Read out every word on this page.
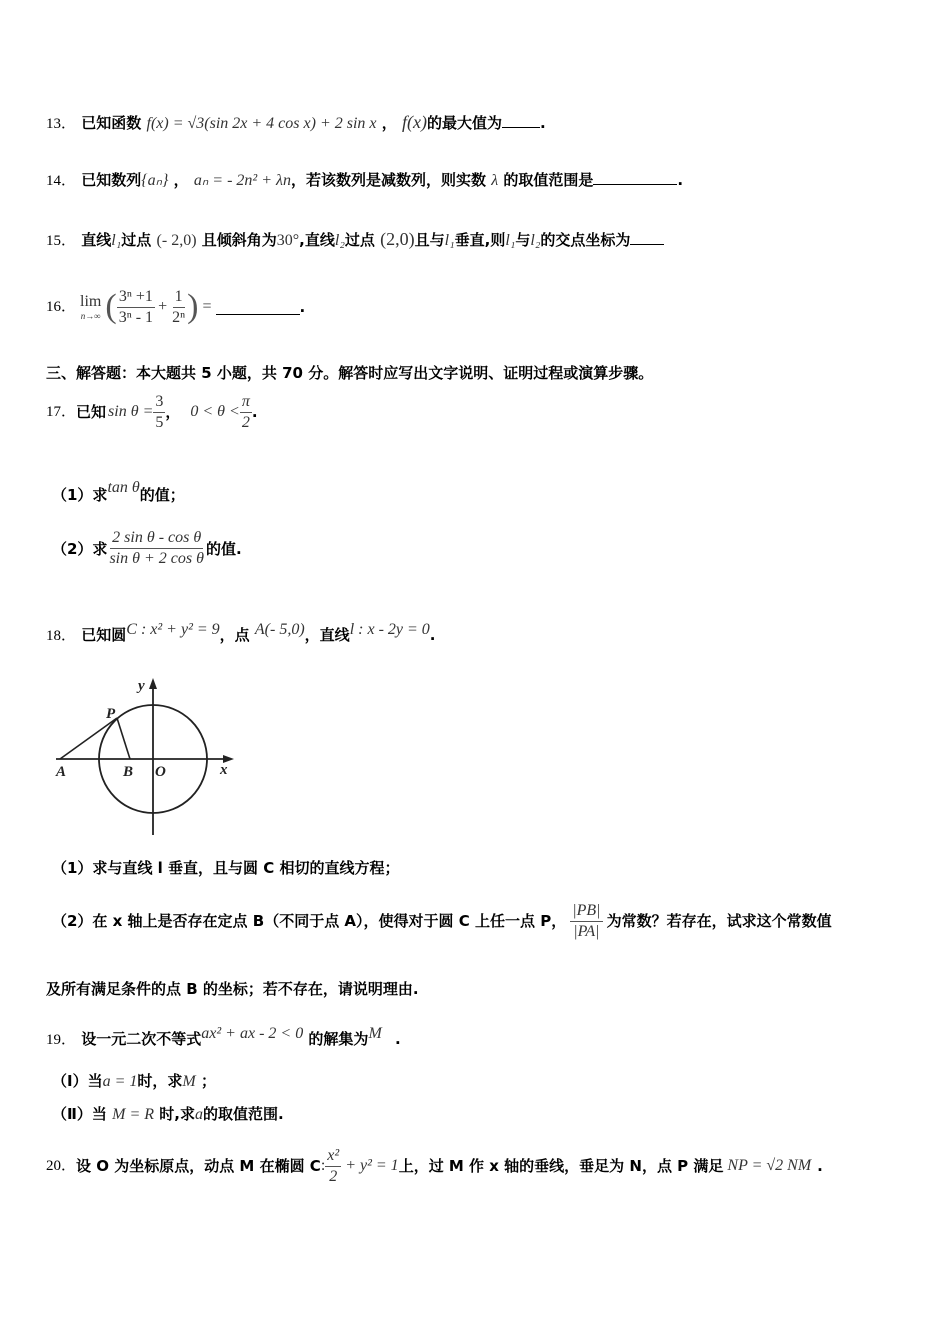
13． 已知函数 f(x) = √3(sin 2x + 4 cos x) + 2 sin x ， f(x)的最大值为	.
14． 已知数列{aₙ} ， aₙ = - 2n² + λn，若该数列是减数列，则实数 λ 的取值范围是	.
15． 直线l₁过点 (- 2,0) 且倾斜角为30°,直线l₂过点 (2,0)且与l₁垂直,则l₁与l₂的交点坐标为
16． lim
n→∞ ( $\frac{\text{3ⁿ +1}}{\text{3ⁿ - 1}} + \frac{1}{\text{2ⁿ}}$ ) =	.
三、解答题：本大题共 5 小题，共 70 分。解答时应写出文字说明、证明过程或演算步骤。
17． 已知 $\sin \theta = \frac{3}{5}$ ， $0 < \theta < \frac{\pi}{2}$ .
（1）求tan θ的值；
（2）求 $\frac{\text{2 sin θ - cos θ}}{\text{sin θ + 2 cos θ}}$ 的值.
18． 已知圆C : x² + y² = 9，点 A(- 5,0)，直线l : x - 2y = 0.
y
x
P
A	B O
（1）求与直线 l 垂直，且与圆 C 相切的直线方程；
（2）在 x 轴上是否存在定点 B（不同于点 A），使得对于圆 C 上任一点 P， $\frac{|PB|}{|PA|}$ 为常数？若存在，试求这个常数值
及所有满足条件的点 B 的坐标；若不存在，请说明理由.
19． 设一元二次不等式ax² + ax - 2 < 0 的解集为M .
（Ⅰ）当a = 1时，求M ；
（Ⅱ）当 M = R 时,求a的取值范围.
20． 设 O 为坐标原点，动点 M 在椭圆 C : $\frac{\text{x²}}{2} + y^2 = 1$ 上，过 M 作 x 轴的垂线，垂足为 N，点 P 满足 NP = √2 NM .
